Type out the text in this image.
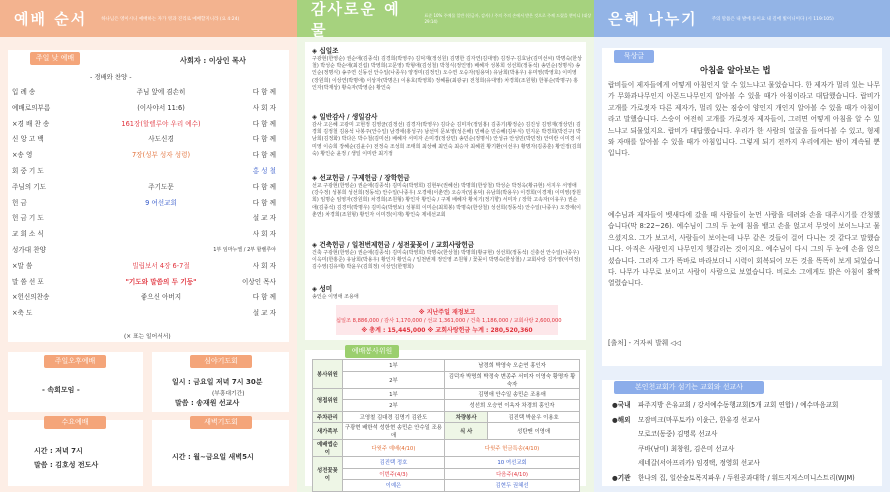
예배 순서	하나님은 영이시니 예배하는 자가 영과 진리로 예배할지니라 (요 4:24)
주일 낮 예배	사회자 : 이상인 목사
- 경배와 찬양 -
입 례 송	주님 앞에 겸손히	다 함 께
예배로의부름	(이사야서 11:6)	사 회 자
×경 배 찬 송	161장(할렐루야 우리 예수)	다 함 께
신 앙 고 백	사도신경	다 함 께
×송 영	7장(성부 성자 성령)	다 함 께
회 중 기 도	홍 성 철
주님의 기도	주기도문	다 함 께
헌 금	9 여선교회	다 함 께
헌 금 기 도	설 교 자
교 회 소 식	사 회 자
성가대 찬양	1부 임마누엘 / 2부 할렐루야
×말 씀	빌립보서 4장 6-7절	사 회 자
말 씀 선 포	"기도와 말씀의 두 기둥"	이상인 목사
×헌신의찬송	좋으신 아버지	다 함 께
×축 도	설 교 자
(× 표는 일어서서)
주일오후예배
- 속회모임 -
심야기도회
일시 : 금요일 저녁 7시 30분
(부흥대기간)
말씀 : 송재원 선교사
수요예배
시간 : 저녁 7시
말씀 : 김호성 전도사
새벽기도회
시간 : 월~금요일 새벽5시
감사로운 예물
표준 10% 주예물 일반 (헌금자, 감사) / 주의 주의 손에서 받은 것으로 주께 드렸을 뿐이니 (대상 29:14)
◈ 십일조
구광현(한영순) 권순애(김종석) 김경희(박영주) 김덕재(정성원) 김명한 김자연(김대영) 김정구·김효남(김미선씨) 박명숙(한상철) 박성순 박순애(최진섭) 박영희(고문영) 박형애(김성철) 박청식(정인영) 배혜자 성봉희 성선희(정동석) 송민순(정명식) 송인순(정명식) 송주연 신동선 안수일(나종우) 양정미(김정인) 오수연 오승자(임용덕) 유남희(박용우) 유미영(박영호) 이미영(장원희) 이상연(박명애) 이상자(박명은) 이용호(박영희) 정혜률(최광규) 전청희(유대영) 차경희(조원형) 한봉순(박명구) 홍인자(박재상) 황숙자(박영순) 황인숙
◈ 일반감사 / 생일감사
감사 고은혜 고광미 고현정 김영균(김정선) 김경자(박영우) 김다순 김미자(정임홍) 김종기(황정순) 김진성 김영재(정상민) 김경희 김정철 김용석 나봉주(안수일) 남경애(홍성구) 남선미 문보영(성은해) 민혜순 민승혜(김두식) 민지운 박경희(박진구) 박남희(김정화) 박다은 박수철(김미선) 배혜자 서미자 손미경(정상민) 송민순(정명식) 안성규 안성민(박민정) 안미란 이미경 이미영 이승희 장혜순(김윤수) 전정숙 조성희 조태희 최상혜 최인숙 최승자 최혜원 황기환(이선우) 황명자(김종훈) 황인정(김희숙) 황인순 윤정 / 생일 이미란 최기정
◈ 선교헌금 / 구제헌금 / 장학헌금
선교 구광현(한영순) 권순애(김종석) 김미숙(박영희) 김현두(권혜선) 박명희(한상철) 박성순 박정옥(황규현) 서지우 서영애(강수정) 성봉희 성선희(정동석) 안수일(나종우) 오경애(이춘연) 오승자(임용덕) 유남희(박용우) 이경희(이경재) 이미영(장원희) 임명순 임영자(장원희) 차경희(조원형) 황인자 황인숙 / 구제 배혜자 황치기(정기향) 서미자 / 장학 고속자(이유우) 권순애(김종석) 김경미(박명우) 김미숙(박영보) 성봉희 이미순(최희봉) 박명숙(한상철) 성선희(정동석) 안수일(나종우) 오경애(이춘연) 차경희(조원형) 황인자 이미경(이재) 황인숙 제네선교회
◈ 건축헌금 / 일천번제헌금 / 성전꽃꽂이 / 교회사랑헌금
건축 구광현(한영순) 권순애(김종석) 김미숙(박영희) 박명숙(한상철) 박명희(황규현) 성선희(정동석) 신충선 안수일(나종우) 이옥미(한홍준) 유남희(박용우) 황인자 황인숙 / 일천번제 정인영 조원형 / 꽃꽂이 박명숙(한상철) / 교회사랑 김가영(이미정) 김수영(김유태) 박윤우(김희정) 이상인(한명희)
◈ 성미
송인순 이영애 조용애
※ 지난주일 재정보고
십일조 8,886,000 / 감사 1,170,000 / 선교 1,361,000 / 건축 1,186,000 / 교회사랑 2,600,000
※ 총계 : 15,445,000 ※ 교회사랑헌금 누계 : 280,520,360
예배봉사위원
봉사위원	1부	남경희 박영숙 오순연 홍인자	
	2부	김덕자 박명희 박정숙 변종주 서미자 이영숙 황명자 황숙자	
영접위원	1부	김명애 안수일 송민순 조용애	
	2부	성선희 오승연 이옥자 차경희 홍인자	
주차관리	고영철 김대경 김명기 김완도	차량봉사	김진택 박윤우 이용호
새가족부	구광현 배한석 성한현 송민순 안수일 조용애	식 사	성탄맨 이영애
예배앱순이	다윗주 예배(4/10)	다윗주 헌금특송(4/10)	
성전꽃꽂이	김진택 정호	10 여선교회	
	이번주(4/3)	다음주(4/10)	
	이예은	김현두 권혜선	
은혜 나누기	주의 말씀은 내 발에 등이요 내 길에 빛이니이다 (시 119:105)
묵상글
아침을 알아보는 법
본인천교회가 섬기는 교회와 선교사
랍비들이 제자들에게 어떻게 아침인지 알 수 있느냐고 물었습니다. 한 제자가 멀리 있는 나무가 무화과나무인지 아몬드나무인지 알아볼 수 있을 때가 아침이라고 대답했습니다. 랍비가 고개를 가로젓자 다른 제자가, 멀리 있는 짐승이 양인지 개인지 알아볼 수 있을 때가 아침이라고 말했습니다. 스승이 여전히 고개를 가로젓자 제자들이, 그러면 어떻게 아침을 알 수 있느냐고 되물었지요. 랍비가 대답했습니다. 우리가 한 사람의 얼굴을 들여다볼 수 있고, 형제와 자매를 알아볼 수 있을 때가 아침입니다. 그렇게 되기 전까지 우리에게는 밤이 계속될 뿐입니다.
예수님과 제자들이 벳새다에 갔을 때 사람들이 눈먼 사람을 데려와 손을 대주시기를 간청했습니다(막 8:22~26). 예수님이 그의 두 눈에 침을 뱉고 손을 얹고서 무엇이 보이느냐고 물으셨지요. 그가 보고서, 사람들이 보이는데 나무 같은 것들이 걸어 다니는 것 같다고 말했습니다. 아직은 사람인지 나무인지 헷갈리는 것이지요. 예수님이 다시 그의 두 눈에 손을 얹으셨습니다. 그러자 그가 똑바로 바라보더니 시력이 회복되어 모든 것을 똑똑히 보게 되었습니다. 나무가 나무로 보이고 사람이 사람으로 보였습니다. 비로소 그에게도 밝은 아침이 활짝 열렸습니다.
[출처] - 겨자씨 발췌 ◁◁
●국내 파주지방 은유교회 / 강서예수동행교회(5개 교회 연합) / 예수마음교회
●해외 모잠비크(마푸토카) 이윤근, 한유경 선교사
모로코(동중) 김명록 선교사
쿠바(남미) 최창원, 김은미 선교사
세네갈(서아프리카) 임경택, 정영희 선교사
●기관 한나의 집, 일산숲토목지파우 / 두원공과대학 / 워드지저스미니스트리(WJM)
